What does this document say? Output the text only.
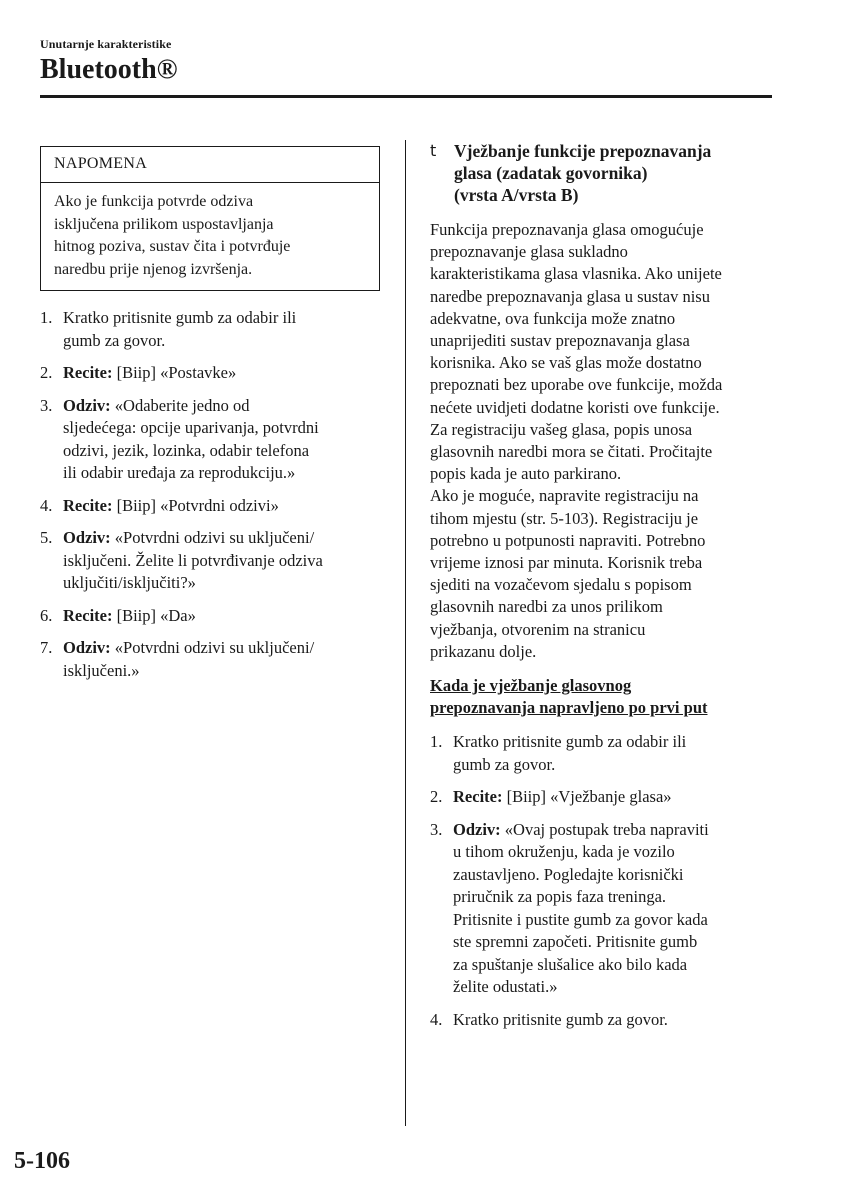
Unutarnje karakteristike
Bluetooth®
NAPOMENA
Ako je funkcija potvrde odziva
isključena prilikom uspostavljanja
hitnog poziva, sustav čita i potvrđuje
naredbu prije njenog izvršenja.
1. Kratko pritisnite gumb za odabir ili
gumb za govor.
2. Recite: [Biip] «Postavke»
3. Odziv: «Odaberite jedno od
sljedećega: opcije uparivanja, potvrdni
odzivi, jezik, lozinka, odabir telefona
ili odabir uređaja za reprodukciju.»
4. Recite: [Biip] «Potvrdni odzivi»
5. Odziv: «Potvrdni odzivi su uključeni/
isključeni. Želite li potvrđivanje odziva
uključiti/isključiti?»
6. Recite: [Biip] «Da»
7. Odziv: «Potvrdni odzivi su uključeni/
isključeni.»
t Vježbanje funkcije prepoznavanja
glasa (zadatak govornika)
(vrsta A/vrsta B)
Funkcija prepoznavanja glasa omogućuje
prepoznavanje glasa sukladno
karakteristikama glasa vlasnika. Ako unijete
naredbe prepoznavanja glasa u sustav nisu
adekvatne, ova funkcija može znatno
unaprijediti sustav prepoznavanja glasa
korisnika. Ako se vaš glas može dostatno
prepoznati bez uporabe ove funkcije, možda
nećete uvidjeti dodatne koristi ove funkcije.
Za registraciju vašeg glasa, popis unosa
glasovnih naredbi mora se čitati. Pročitajte
popis kada je auto parkirano.
Ako je moguće, napravite registraciju na
tihom mjestu (str. 5-103). Registraciju je
potrebno u potpunosti napraviti. Potrebno
vrijeme iznosi par minuta. Korisnik treba
sjediti na vozačevom sjedalu s popisom
glasovnih naredbi za unos prilikom
vježbanja, otvorenim na stranicu
prikazanu dolje.
Kada je vježbanje glasovnog
prepoznavanja napravljeno po prvi put
1. Kratko pritisnite gumb za odabir ili
gumb za govor.
2. Recite: [Biip] «Vježbanje glasa»
3. Odziv: «Ovaj postupak treba napraviti
u tihom okruženju, kada je vozilo
zaustavljeno. Pogledajte korisnički
priručnik za popis faza treninga.
Pritisnite i pustite gumb za govor kada
ste spremni započeti. Pritisnite gumb
za spuštanje slušalice ako bilo kada
želite odustati.»
4. Kratko pritisnite gumb za govor.
5-106
